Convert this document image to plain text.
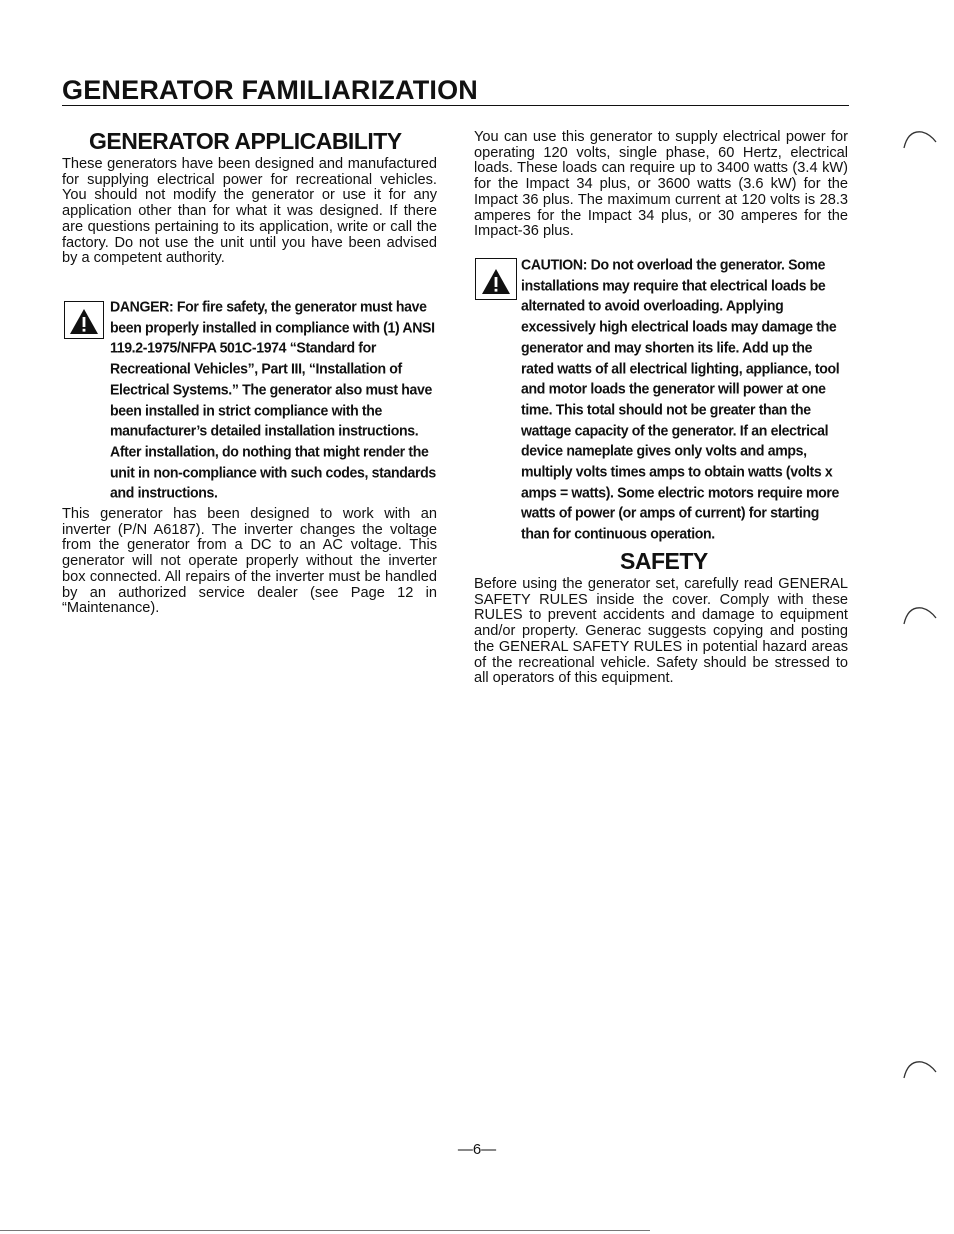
GENERATOR FAMILIARIZATION
GENERATOR APPLICABILITY

These generators have been designed and manufactured for supplying electrical power for recreational vehicles. You should not modify the generator or use it for any application other than for what it was designed. If there are questions pertaining to its application, write or call the factory. Do not use the unit until you have been advised by a competent authority.

DANGER: For fire safety, the generator must have been properly installed in compliance with (1) ANSI 119.2-1975/NFPA 501C-1974 “Standard for Recreational Vehicles”, Part III, “Installation of Electrical Systems.” The generator also must have been installed in strict compliance with the manufacturer’s detailed installation instructions. After installation, do nothing that might render the unit in non-compliance with such codes, standards and instructions.

This generator has been designed to work with an inverter (P/N A6187). The inverter changes the voltage from the generator from a DC to an AC voltage. This generator will not operate properly without the inverter box connected. All repairs of the inverter must be handled by an authorized service dealer (see Page 12 in “Maintenance).

You can use this generator to supply electrical power for operating 120 volts, single phase, 60 Hertz, electrical loads. These loads can require up to 3400 watts (3.4 kW) for the Impact 34 plus, or 3600 watts (3.6 kW) for the Impact 36 plus. The maximum current at 120 volts is 28.3 amperes for the Impact 34 plus, or 30 amperes for the Impact-36 plus.

CAUTION: Do not overload the generator. Some installations may require that electrical loads be alternated to avoid overloading. Applying excessively high electrical loads may damage the generator and may shorten its life. Add up the rated watts of all electrical lighting, appliance, tool and motor loads the generator will power at one time. This total should not be greater than the wattage capacity of the generator. If an electrical device nameplate gives only volts and amps, multiply volts times amps to obtain watts (volts x amps = watts). Some electric motors require more watts of power (or amps of current) for starting than for continuous operation.

SAFETY

Before using the generator set, carefully read GENERAL SAFETY RULES inside the cover. Comply with these RULES to prevent accidents and damage to equipment and/or property. Generac suggests copying and posting the GENERAL SAFETY RULES in potential hazard areas of the recreational vehicle. Safety should be stressed to all operators of this equipment.

—6—
